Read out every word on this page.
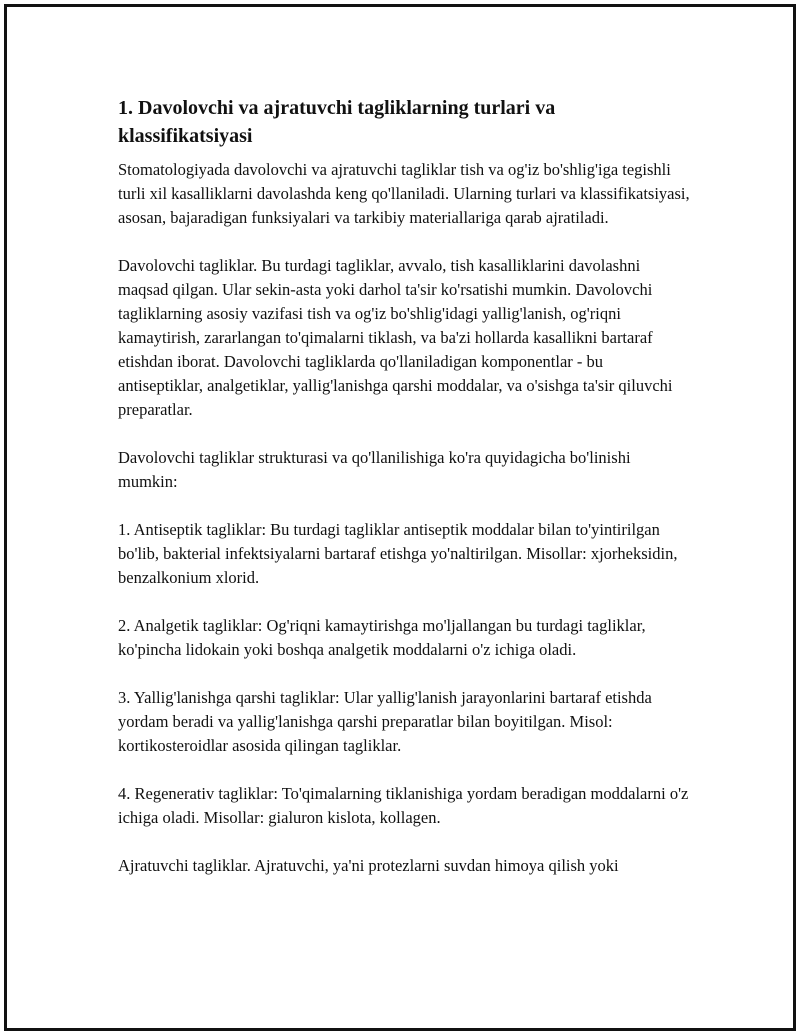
1. Davolovchi va ajratuvchi tagliklarning turlari va klassifikatsiyasi

Stomatologiyada davolovchi va ajratuvchi tagliklar tish va og'iz bo'shlig'iga tegishli turli xil kasalliklarni davolashda keng qo'llaniladi. Ularning turlari va klassifikatsiyasi, asosan, bajaradigan funksiyalari va tarkibiy materiallariga qarab ajratiladi.

Davolovchi tagliklar. Bu turdagi tagliklar, avvalo, tish kasalliklarini davolashni maqsad qilgan. Ular sekin-asta yoki darhol ta'sir ko'rsatishi mumkin. Davolovchi tagliklarning asosiy vazifasi tish va og'iz bo'shlig'idagi yallig'lanish, og'riqni kamaytirish, zararlangan to'qimalarni tiklash, va ba'zi hollarda kasallikni bartaraf etishdan iborat. Davolovchi tagliklarda qo'llaniladigan komponentlar - bu antiseptiklar, analgetiklar, yallig'lanishga qarshi moddalar, va o'sishga ta'sir qiluvchi preparatlar.

Davolovchi tagliklar strukturasi va qo'llanilishiga ko'ra quyidagicha bo'linishi mumkin:

1. Antiseptik tagliklar: Bu turdagi tagliklar antiseptik moddalar bilan to'yintirilgan bo'lib, bakterial infektsiyalarni bartaraf etishga yo'naltirilgan. Misollar: xjorheksidin, benzalkonium xlorid.

2. Analgetik tagliklar: Og'riqni kamaytirishga mo'ljallangan bu turdagi tagliklar, ko'pincha lidokain yoki boshqa analgetik moddalarni o'z ichiga oladi.

3. Yallig'lanishga qarshi tagliklar: Ular yallig'lanish jarayonlarini bartaraf etishda yordam beradi va yallig'lanishga qarshi preparatlar bilan boyitilgan. Misol: kortikosteroidlar asosida qilingan tagliklar.

4. Regenerativ tagliklar: To'qimalarning tiklanishiga yordam beradigan moddalarni o'z ichiga oladi. Misollar: gialuron kislota, kollagen.

Ajratuvchi tagliklar. Ajratuvchi, ya'ni protezlarni suvdan himoya qilish yoki
